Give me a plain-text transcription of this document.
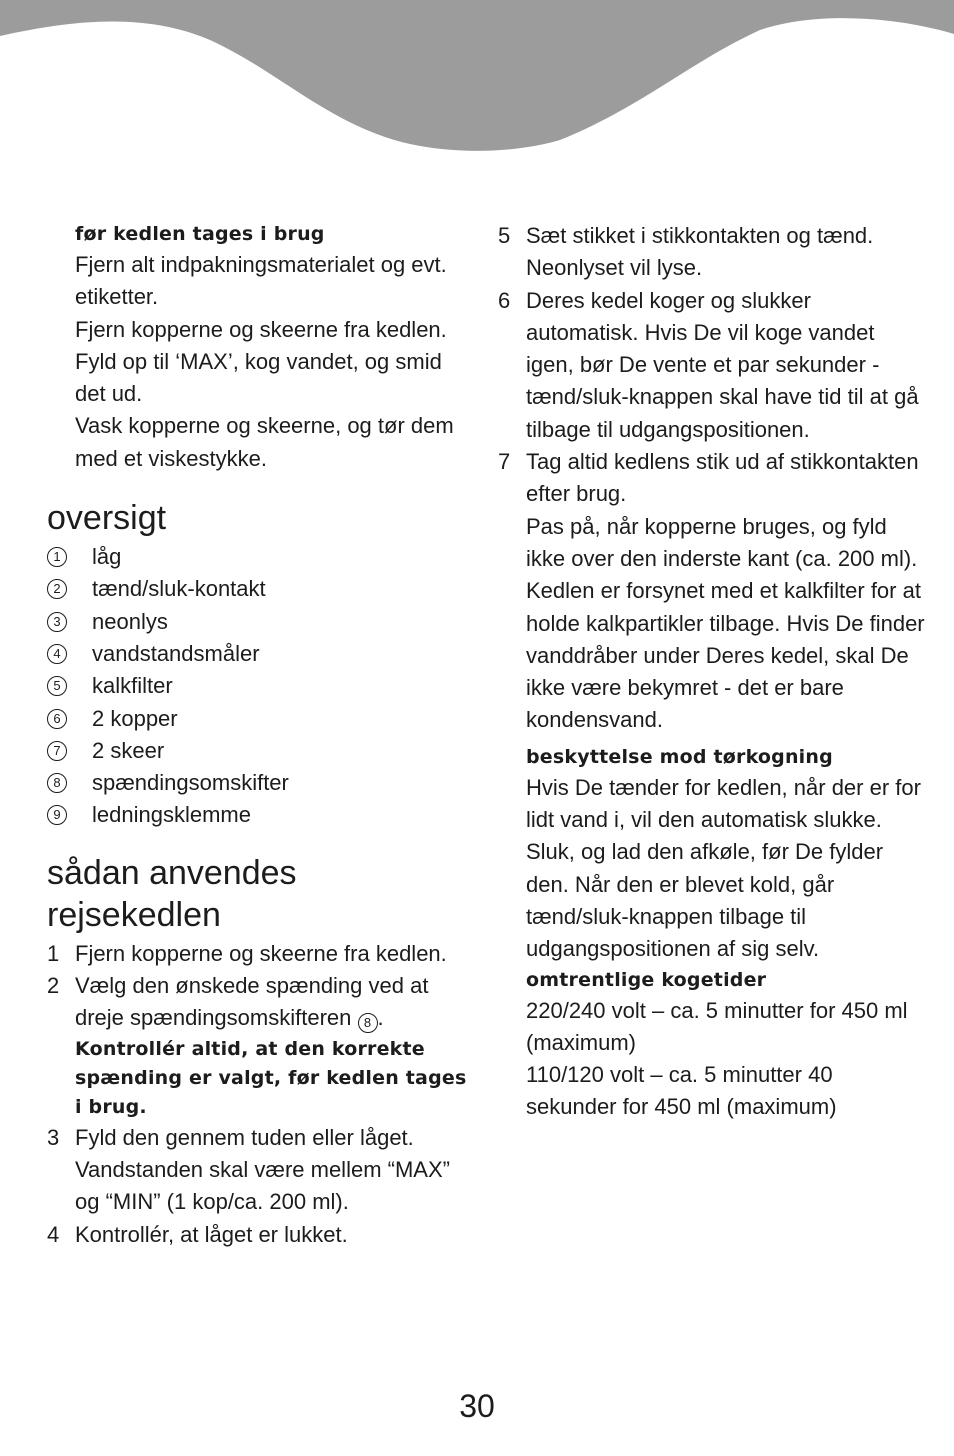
før kedlen tages i brug
Fjern alt indpakningsmaterialet og evt. etiketter.
Fjern kopperne og skeerne fra kedlen.
Fyld op til ‘MAX’, kog vandet, og smid det ud.
Vask kopperne og skeerne, og tør dem med et viskestykke.
oversigt
1 låg
2 tænd/sluk-kontakt
3 neonlys
4 vandstandsmåler
5 kalkfilter
6 2 kopper
7 2 skeer
8 spændingsomskifter
9 ledningsklemme
sådan anvendes
rejsekedlen
1 Fjern kopperne og skeerne fra kedlen.
2 Vælg den ønskede spænding ved at dreje spændingsomskifteren 8 .
Kontrollér altid, at den korrekte spænding er valgt, før kedlen tages i brug.
3 Fyld den gennem tuden eller låget. Vandstanden skal være mellem “MAX” og “MIN” (1 kop/ca. 200 ml).
4 Kontrollér, at låget er lukket.
5 Sæt stikket i stikkontakten og tænd. Neonlyset vil lyse.
6 Deres kedel koger og slukker automatisk. Hvis De vil koge vandet igen, bør De vente et par sekunder - tænd/sluk-knappen skal have tid til at gå tilbage til udgangspositionen.
7 Tag altid kedlens stik ud af stikkontakten efter brug.
Pas på, når kopperne bruges, og fyld ikke over den inderste kant (ca. 200 ml).
Kedlen er forsynet med et kalkfilter for at holde kalkpartikler tilbage. Hvis De finder vanddråber under Deres kedel, skal De ikke være bekymret - det er bare kondensvand.
beskyttelse mod tørkogning
Hvis De tænder for kedlen, når der er for lidt vand i, vil den automatisk slukke. Sluk, og lad den afkøle, før De fylder den. Når den er blevet kold, går tænd/sluk-knappen tilbage til udgangspositionen af sig selv.
omtrentlige kogetider
220/240 volt – ca. 5 minutter for 450 ml (maximum)
110/120 volt – ca. 5 minutter 40 sekunder for 450 ml (maximum)
30
